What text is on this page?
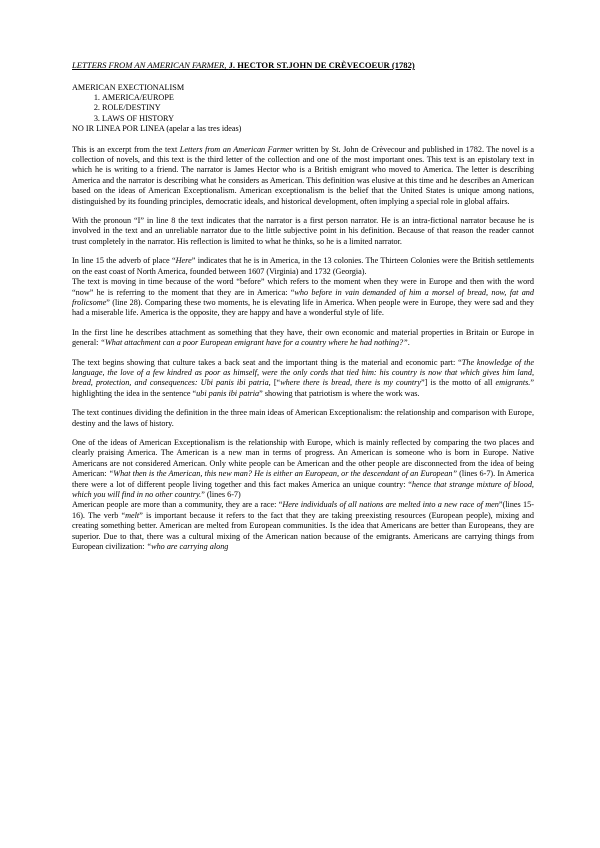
LETTERS FROM AN AMERICAN FARMER, J. HECTOR ST.JOHN DE CRÈVECOEUR (1782)
AMERICAN EXECTIONALISM
1. AMERICA/EUROPE
2. ROLE/DESTINY
3. LAWS OF HISTORY
NO IR LINEA POR LINEA (apelar a las tres ideas)

This is an excerpt from the text Letters from an American Farmer written by St. John de Crèvecour and published in 1782. The novel is a collection of novels, and this text is the third letter of the collection and one of the most important ones. This text is an epistolary text in which he is writing to a friend. The narrator is James Hector who is a British emigrant who moved to America. The letter is describing America and the narrator is describing what he considers as American. This definition was elusive at this time and he describes an American based on the ideas of American Exceptionalism. American exceptionalism is the belief that the United States is unique among nations, distinguished by its founding principles, democratic ideals, and historical development, often implying a special role in global affairs.

With the pronoun “I” in line 8 the text indicates that the narrator is a first person narrator. He is an intra-fictional narrator because he is involved in the text and an unreliable narrator due to the little subjective point in his definition. Because of that reason the reader cannot trust completely in the narrator. His reflection is limited to what he thinks, so he is a limited narrator.

In line 15 the adverb of place “Here” indicates that he is in America, in the 13 colonies. The Thirteen Colonies were the British settlements on the east coast of North America, founded between 1607 (Virginia) and 1732 (Georgia).

The text is moving in time because of the word “before” which refers to the moment when they were in Europe and then with the word “now” he is referring to the moment that they are in America: “who before in vain demanded of him a morsel of bread, now, fat and frolicsome” (line 28). Comparing these two moments, he is elevating life in America. When people were in Europe, they were sad and they had a miserable life. America is the opposite, they are happy and have a wonderful style of life.

In the first line he describes attachment as something that they have, their own economic and material properties in Britain or Europe in general: “What attachment can a poor European emigrant have for a country where he had nothing?”.

The text begins showing that culture takes a back seat and the important thing is the material and economic part: “The knowledge of the language, the love of a few kindred as poor as himself, were the only cords that tied him: his country is now that which gives him land, bread, protection, and consequences: Ubi panis ibi patria, [“where there is bread, there is my country”] is the motto of all emigrants.” highlighting the idea in the sentence “ubi panis ibi patria” showing that patriotism is where the work was.

The text continues dividing the definition in the three main ideas of American Exceptionalism: the relationship and comparison with Europe, destiny and the laws of history.

One of the ideas of American Exceptionalism is the relationship with Europe, which is mainly reflected by comparing the two places and clearly praising America. The American is a new man in terms of progress. An American is someone who is born in Europe. Native Americans are not considered American. Only white people can be American and the other people are disconnected from the idea of being American: “What then is the American, this new man? He is either an European, or the descendant of an European” (lines 6-7). In America there were a lot of different people living together and this fact makes America an unique country: “hence that strange mixture of blood, which you will find in no other country.” (lines 6-7)

American people are more than a community, they are a race: “Here individuals of all nations are melted into a new race of men”(lines 15-16). The verb “melt” is important because it refers to the fact that they are taking preexisting resources (European people), mixing and creating something better. American are melted from European communities. Is the idea that Americans are better than Europeans, they are superior. Due to that, there was a cultural mixing of the American nation because of the emigrants. Americans are carrying things from European civilization: “who are carrying along
